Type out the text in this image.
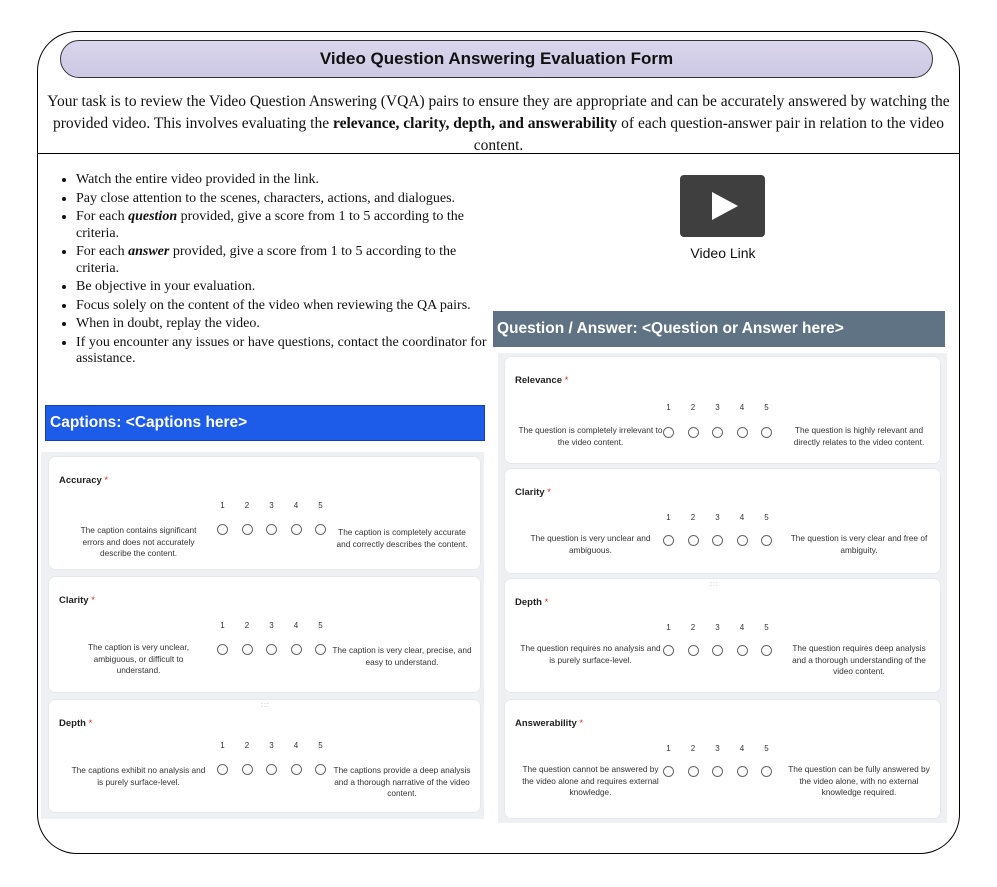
Video Question Answering Evaluation Form
Your task is to review the Video Question Answering (VQA) pairs to ensure they are appropriate and can be accurately answered by watching the provided video. This involves evaluating the relevance, clarity, depth, and answerability of each question-answer pair in relation to the video content.
• Watch the entire video provided in the link.
• Pay close attention to the scenes, characters, actions, and dialogues.
• For each question provided, give a score from 1 to 5 according to the criteria.
• For each answer provided, give a score from 1 to 5 according to the criteria.
• Be objective in your evaluation.
• Focus solely on the content of the video when reviewing the QA pairs.
• When in doubt, replay the video.
• If you encounter any issues or have questions, contact the coordinator for assistance.
Video Link
Captions: <Captions here>
Question / Answer: <Question or Answer here>
Accuracy *
1	2	3	4	5
The caption contains significant errors and does not accurately describe the content.
The caption is completely accurate and correctly describes the content.
Clarity *
1	2	3	4	5
The caption is very unclear, ambiguous, or difficult to understand.
The caption is very clear, precise, and easy to understand.
Depth *
1	2	3	4	5
The captions exhibit no analysis and is purely surface-level.
The captions provide a deep analysis and a thorough narrative of the video content.
:::
Relevance *
1	2	3	4	5
The question is completely irrelevant to the video content.
The question is highly relevant and directly relates to the video content.
Clarity *
1	2	3	4	5
The question is very unclear and ambiguous.
The question is very clear and free of ambiguity.
Depth *
1	2	3	4	5
The question requires no analysis and is purely surface-level.
The question requires deep analysis and a thorough understanding of the video content.
:::
Answerability *
1	2	3	4	5
The question cannot be answered by the video alone and requires external knowledge.
The question can be fully answered by the video alone, with no external knowledge required.
